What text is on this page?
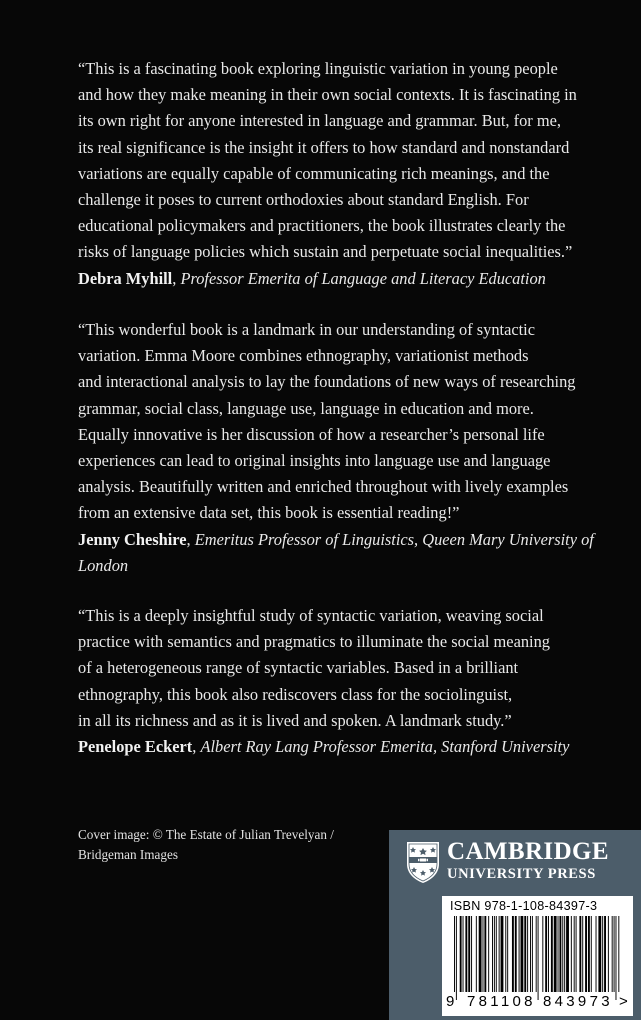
“This is a fascinating book exploring linguistic variation in young people
and how they make meaning in their own social contexts. It is fascinating in
its own right for anyone interested in language and grammar. But, for me,
its real significance is the insight it offers to how standard and nonstandard
variations are equally capable of communicating rich meanings, and the
challenge it poses to current orthodoxies about standard English. For
educational policymakers and practitioners, the book illustrates clearly the
risks of language policies which sustain and perpetuate social inequalities.”

Debra Myhill, Professor Emerita of Language and Literacy Education

“This wonderful book is a landmark in our understanding of syntactic
variation. Emma Moore combines ethnography, variationist methods
and interactional analysis to lay the foundations of new ways of researching
grammar, social class, language use, language in education and more.
Equally innovative is her discussion of how a researcher’s personal life
experiences can lead to original insights into language use and language
analysis. Beautifully written and enriched throughout with lively examples
from an extensive data set, this book is essential reading!”

Jenny Cheshire, Emeritus Professor of Linguistics, Queen Mary University of London

“This is a deeply insightful study of syntactic variation, weaving social
practice with semantics and pragmatics to illuminate the social meaning
of a heterogeneous range of syntactic variables. Based in a brilliant
ethnography, this book also rediscovers class for the sociolinguist,
in all its richness and as it is lived and spoken. A landmark study.”

Penelope Eckert, Albert Ray Lang Professor Emerita, Stanford University
Cover image: © The Estate of Julian Trevelyan /
Bridgeman Images	CAMBRIDGE
UNIVERSITY PRESS
ISBN 978-1-108-84397-3
9 781108 843973 >
